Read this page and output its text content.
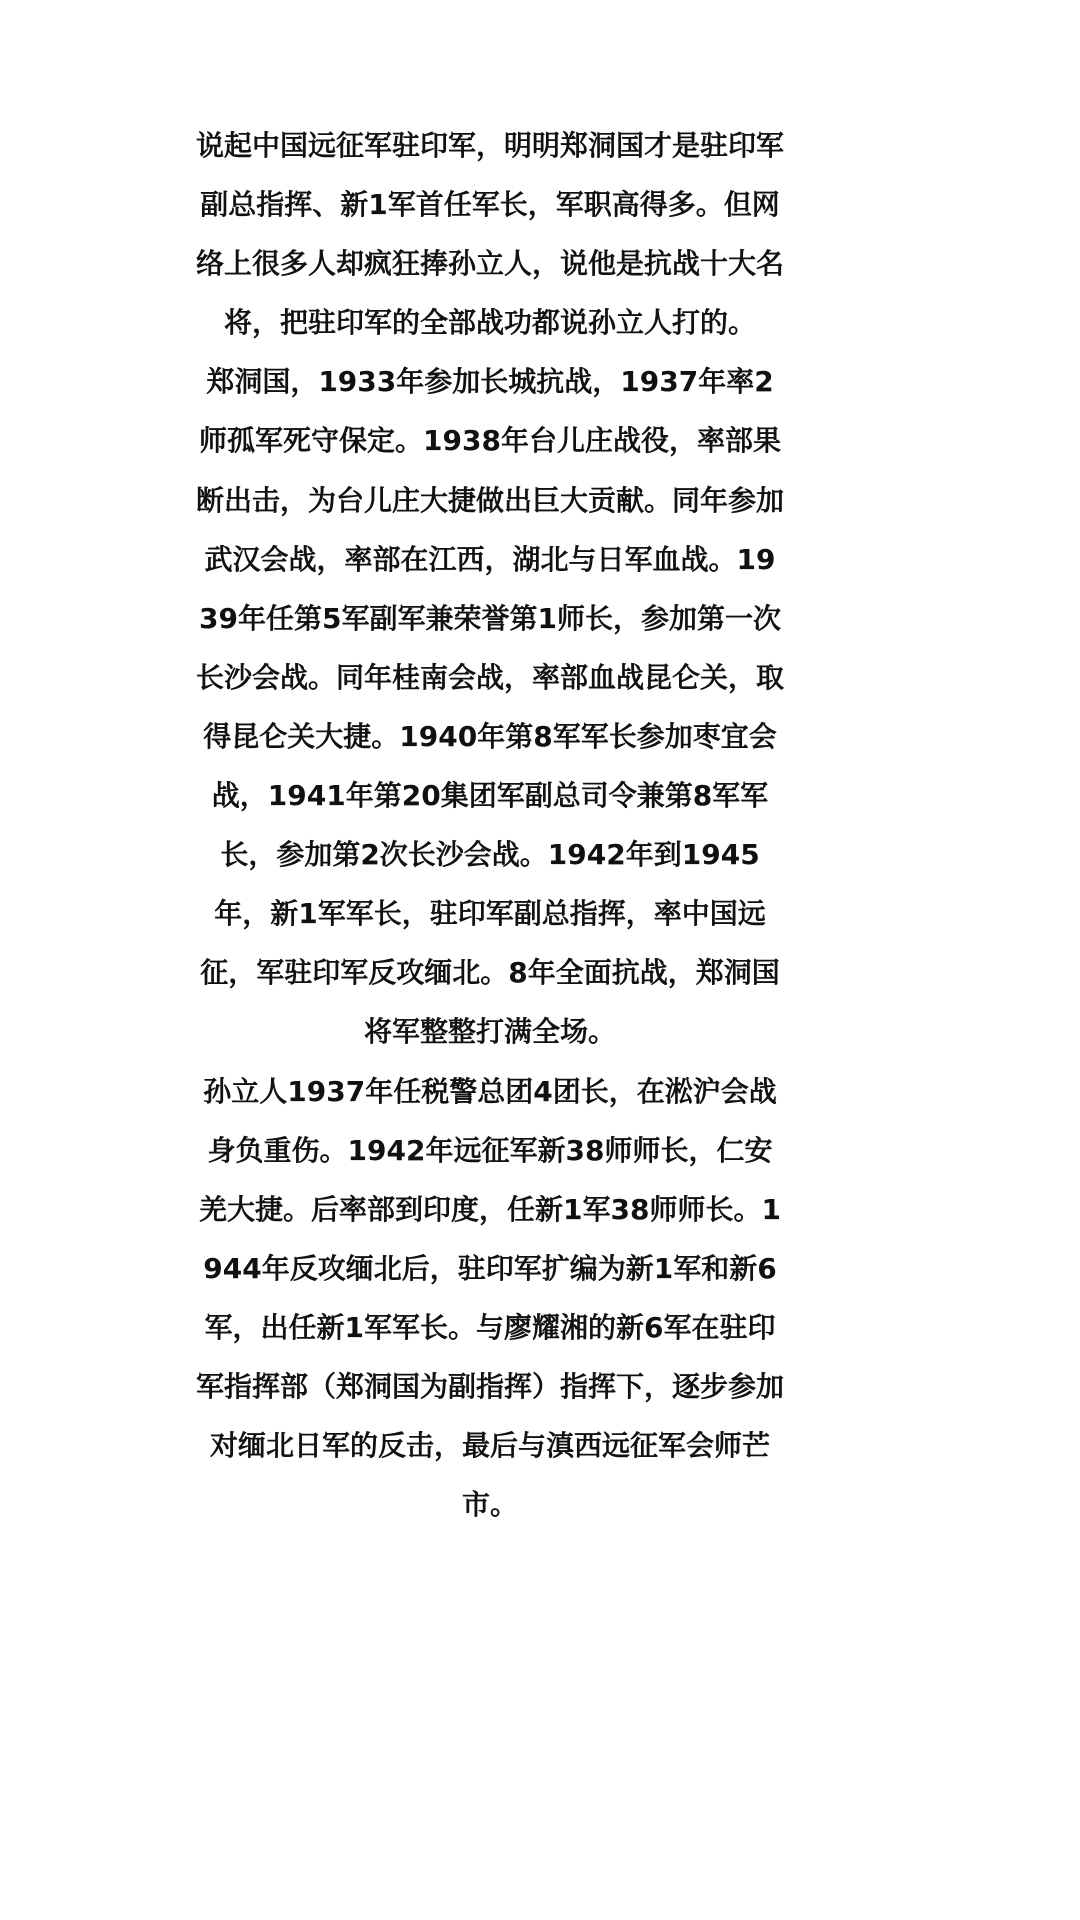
说起中国远征军驻印军，明明郑洞国才是驻印军副总指挥、新1军首任军长，军职高得多。但网络上很多人却疯狂捧孙立人，说他是抗战十大名将，把驻印军的全部战功都说孙立人打的。

郑洞国，1933年参加长城抗战，1937年率2师孤军死守保定。1938年台儿庄战役，率部果断出击，为台儿庄大捷做出巨大贡献。同年参加武汉会战，率部在江西，湖北与日军血战。1939年任第5军副军兼荣誉第1师长，参加第一次长沙会战。同年桂南会战，率部血战昆仑关，取得昆仑关大捷。1940年第8军军长参加枣宜会战，1941年第20集团军副总司令兼第8军军长，参加第2次长沙会战。1942年到1945年，新1军军长，驻印军副总指挥，率中国远征，军驻印军反攻缅北。8年全面抗战，郑洞国将军整整打满全场。

孙立人1937年任税警总团4团长，在淞沪会战身负重伤。1942年远征军新38师师长，仁安羌大捷。后率部到印度，任新1军38师师长。1944年反攻缅北后，驻印军扩编为新1军和新6军，出任新1军军长。与廖耀湘的新6军在驻印军指挥部（郑洞国为副指挥）指挥下，逐步参加对缅北日军的反击，最后与滇西远征军会师芒市。
